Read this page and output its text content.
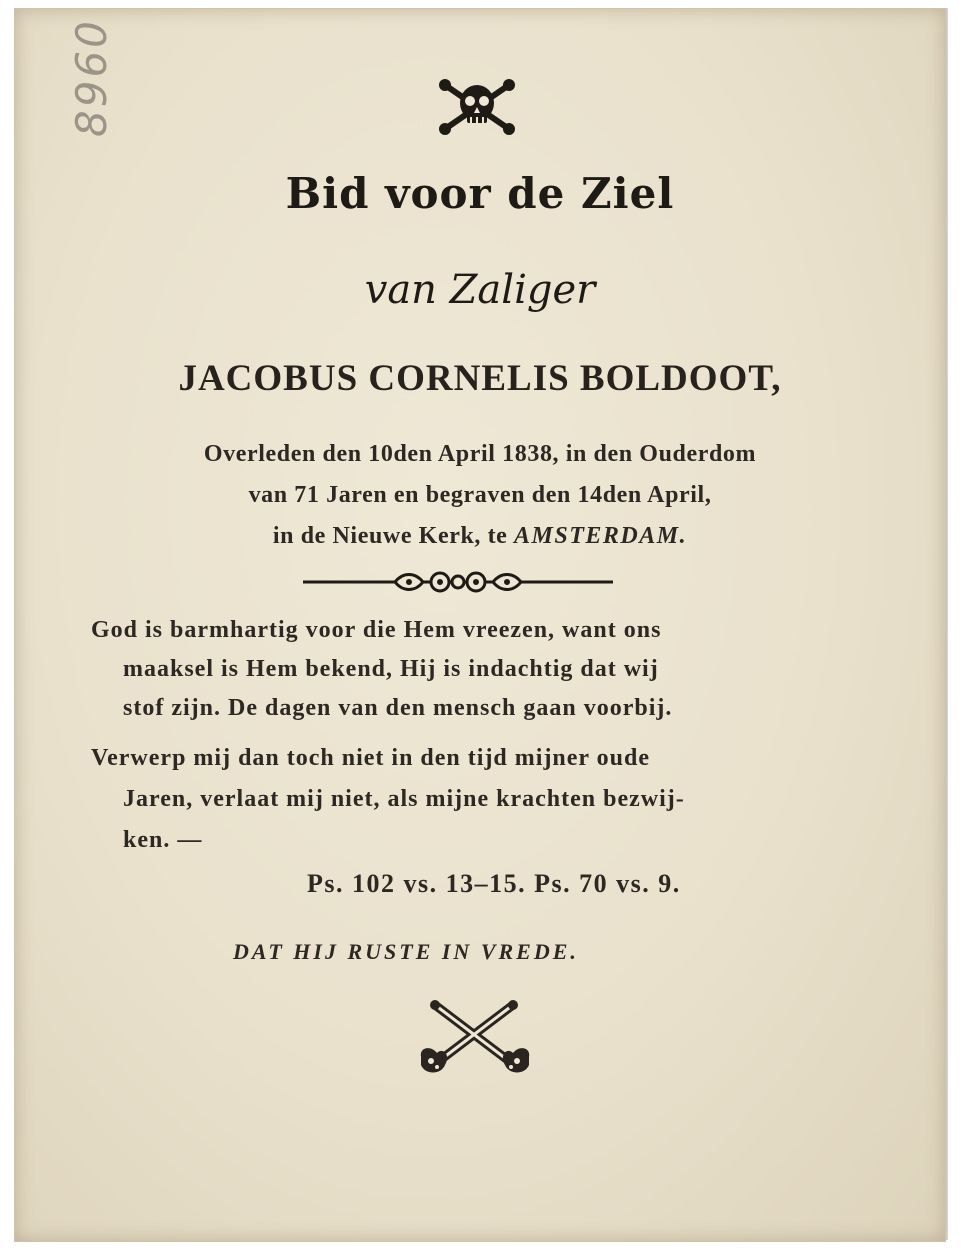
8960
Bid voor de Ziel
van Zaliger
JACOBUS CORNELIS BOLDOOT,
Overleden den 10den April 1838, in den Ouderdom
van 71 Jaren en begraven den 14den April,
in de Nieuwe Kerk, te AMSTERDAM.
God is barmhartig voor die Hem vreezen, want ons
maaksel is Hem bekend, Hij is indachtig dat wij
stof zijn. De dagen van den mensch gaan voorbij.
Verwerp mij dan toch niet in den tijd mijner oude
Jaren, verlaat mij niet, als mijne krachten bezwij-
ken. —
Ps. 102 vs. 13–15. Ps. 70 vs. 9.
DAT HIJ RUSTE IN VREDE.
